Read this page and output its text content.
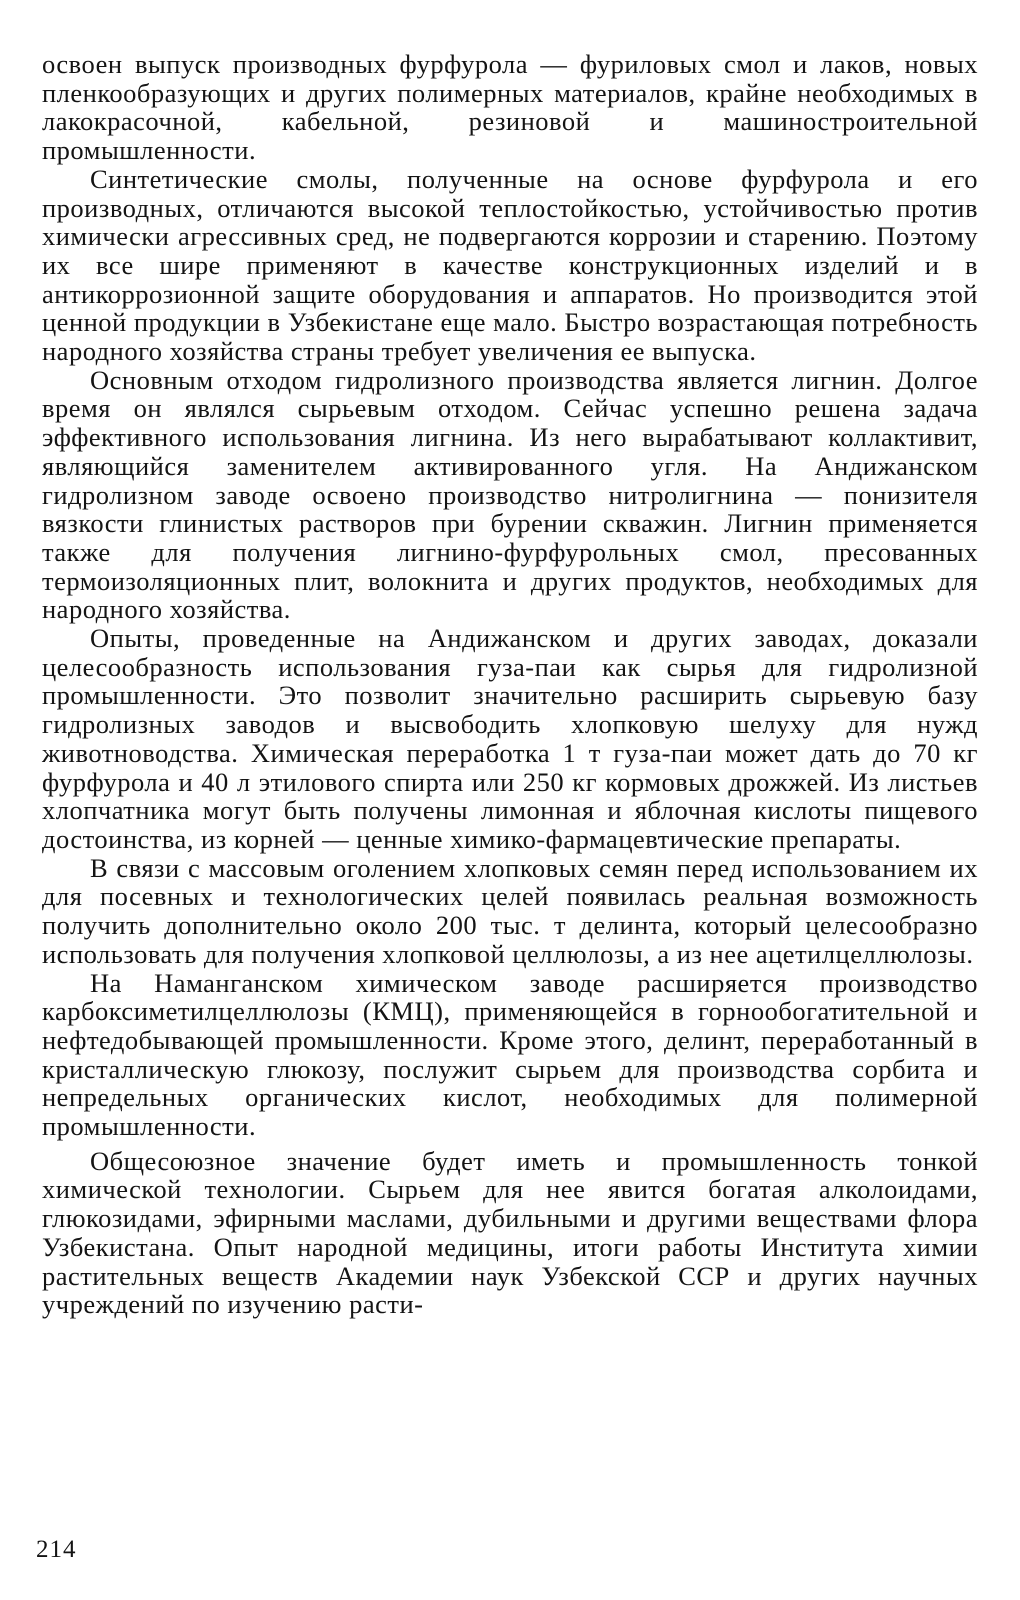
освоен выпуск производных фурфурола — фуриловых смол и лаков, новых пленкообразующих и других полимерных материалов, крайне необходимых в лакокрасочной, кабельной, резиновой и машиностроительной промышленности.

Синтетические смолы, полученные на основе фурфурола и его производных, отличаются высокой теплостойкостью, устойчивостью против химически агрессивных сред, не подвергаются коррозии и старению. Поэтому их все шире применяют в качестве конструкционных изделий и в антикоррозионной защите оборудования и аппаратов. Но производится этой ценной продукции в Узбекистане еще мало. Быстро возрастающая потребность народного хозяйства страны требует увеличения ее выпуска.

Основным отходом гидролизного производства является лигнин. Долгое время он являлся сырьевым отходом. Сейчас успешно решена задача эффективного использования лигнина. Из него вырабатывают коллактивит, являющийся заменителем активированного угля. На Андижанском гидролизном заводе освоено производство нитролигнина — понизителя вязкости глинистых растворов при бурении скважин. Лигнин применяется также для получения лигнино-фурфурольных смол, пресованных термоизоляционных плит, волокнита и других продуктов, необходимых для народного хозяйства.

Опыты, проведенные на Андижанском и других заводах, доказали целесообразность использования гуза-паи как сырья для гидролизной промышленности. Это позволит значительно расширить сырьевую базу гидролизных заводов и высвободить хлопковую шелуху для нужд животноводства. Химическая переработка 1 т гуза-паи может дать до 70 кг фурфурола и 40 л этилового спирта или 250 кг кормовых дрожжей. Из листьев хлопчатника могут быть получены лимонная и яблочная кислоты пищевого достоинства, из корней — ценные химико-фармацевтические препараты.

В связи с массовым оголением хлопковых семян перед использованием их для посевных и технологических целей появилась реальная возможность получить дополнительно около 200 тыс. т делинта, который целесообразно использовать для получения хлопковой целлюлозы, а из нее ацетилцеллюлозы.

На Наманганском химическом заводе расширяется производство карбоксиметилцеллюлозы (КМЦ), применяющейся в горнообогатительной и нефтедобывающей промышленности. Кроме этого, делинт, переработанный в кристаллическую глюкозу, послужит сырьем для производства сорбита и непредельных органических кислот, необходимых для полимерной промышленности.

Общесоюзное значение будет иметь и промышленность тонкой химической технологии. Сырьем для нее явится богатая алколоидами, глюкозидами, эфирными маслами, дубильными и другими веществами флора Узбекистана. Опыт народной медицины, итоги работы Института химии растительных веществ Академии наук Узбекской ССР и других научных учреждений по изучению расти-

214
